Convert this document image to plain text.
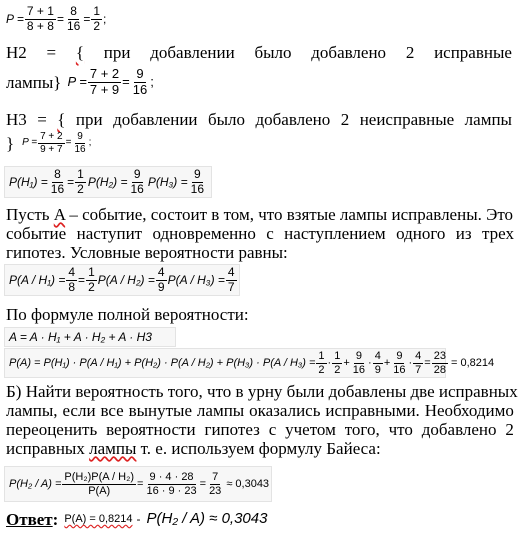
$P = \frac{7 + 1}{8 + 8} = \frac{8}{16} = \frac{1}{2}$ ;
H2 = { при добавлении было добавлено 2 исправные
лампы} $P = \frac{7 + 2}{7 + 9} = \frac{9}{16}$ ;
Н3 = { при добавлении было добавлено 2 неисправные лампы
} $P = \frac{7 + 2}{9 + 7} = \frac{9}{16}$ ;
$P(H_1) = \frac{8}{16} = \frac{1}{2} P(H_2) = \frac{9}{16} P(H_3) = \frac{9}{16}$
Пусть A – событие, состоит в том, что взятые лампы исправлены. Это
событие наступит одновременно с наступлением одного из трех
гипотез. Условные вероятности равны:
$P(A / H_1) = \frac{4}{8} = \frac{1}{2} P(A / H_2) = \frac{4}{9} P(A / H_3) = \frac{4}{7}$
По формуле полной вероятности:
A = A · H₁ + A · H₂ + A · H3
$P(A) = P(H_1) \cdot P(A / H_1) + P(H_2) \cdot P(A / H_2) + P(H_3) \cdot P(A / H_3) = \frac{1}{2} \cdot \frac{1}{2} + \frac{9}{16} \cdot \frac{4}{9} + \frac{9}{16} \cdot \frac{4}{7} = \frac{23}{28} = 0,8214$
Б) Найти вероятность того, что в урну были добавлены две исправных
лампы, если все вынутые лампы оказались исправными. Необходимо
переоценить вероятности гипотез с учетом того, что добавлено 2
исправных лампы т. е. используем формулу Байеса:
$P(H_2 / A) = \frac{\text{P(H₂)P(A / H₂)}}{P(A)} = \frac{9 \cdot 4 \cdot 28}{16 \cdot 9 \cdot 23} = \frac{7}{23} \approx 0,3043$
Ответ : P(A) = 0,8214 - P(H₂ / A) ≈ 0,3043
